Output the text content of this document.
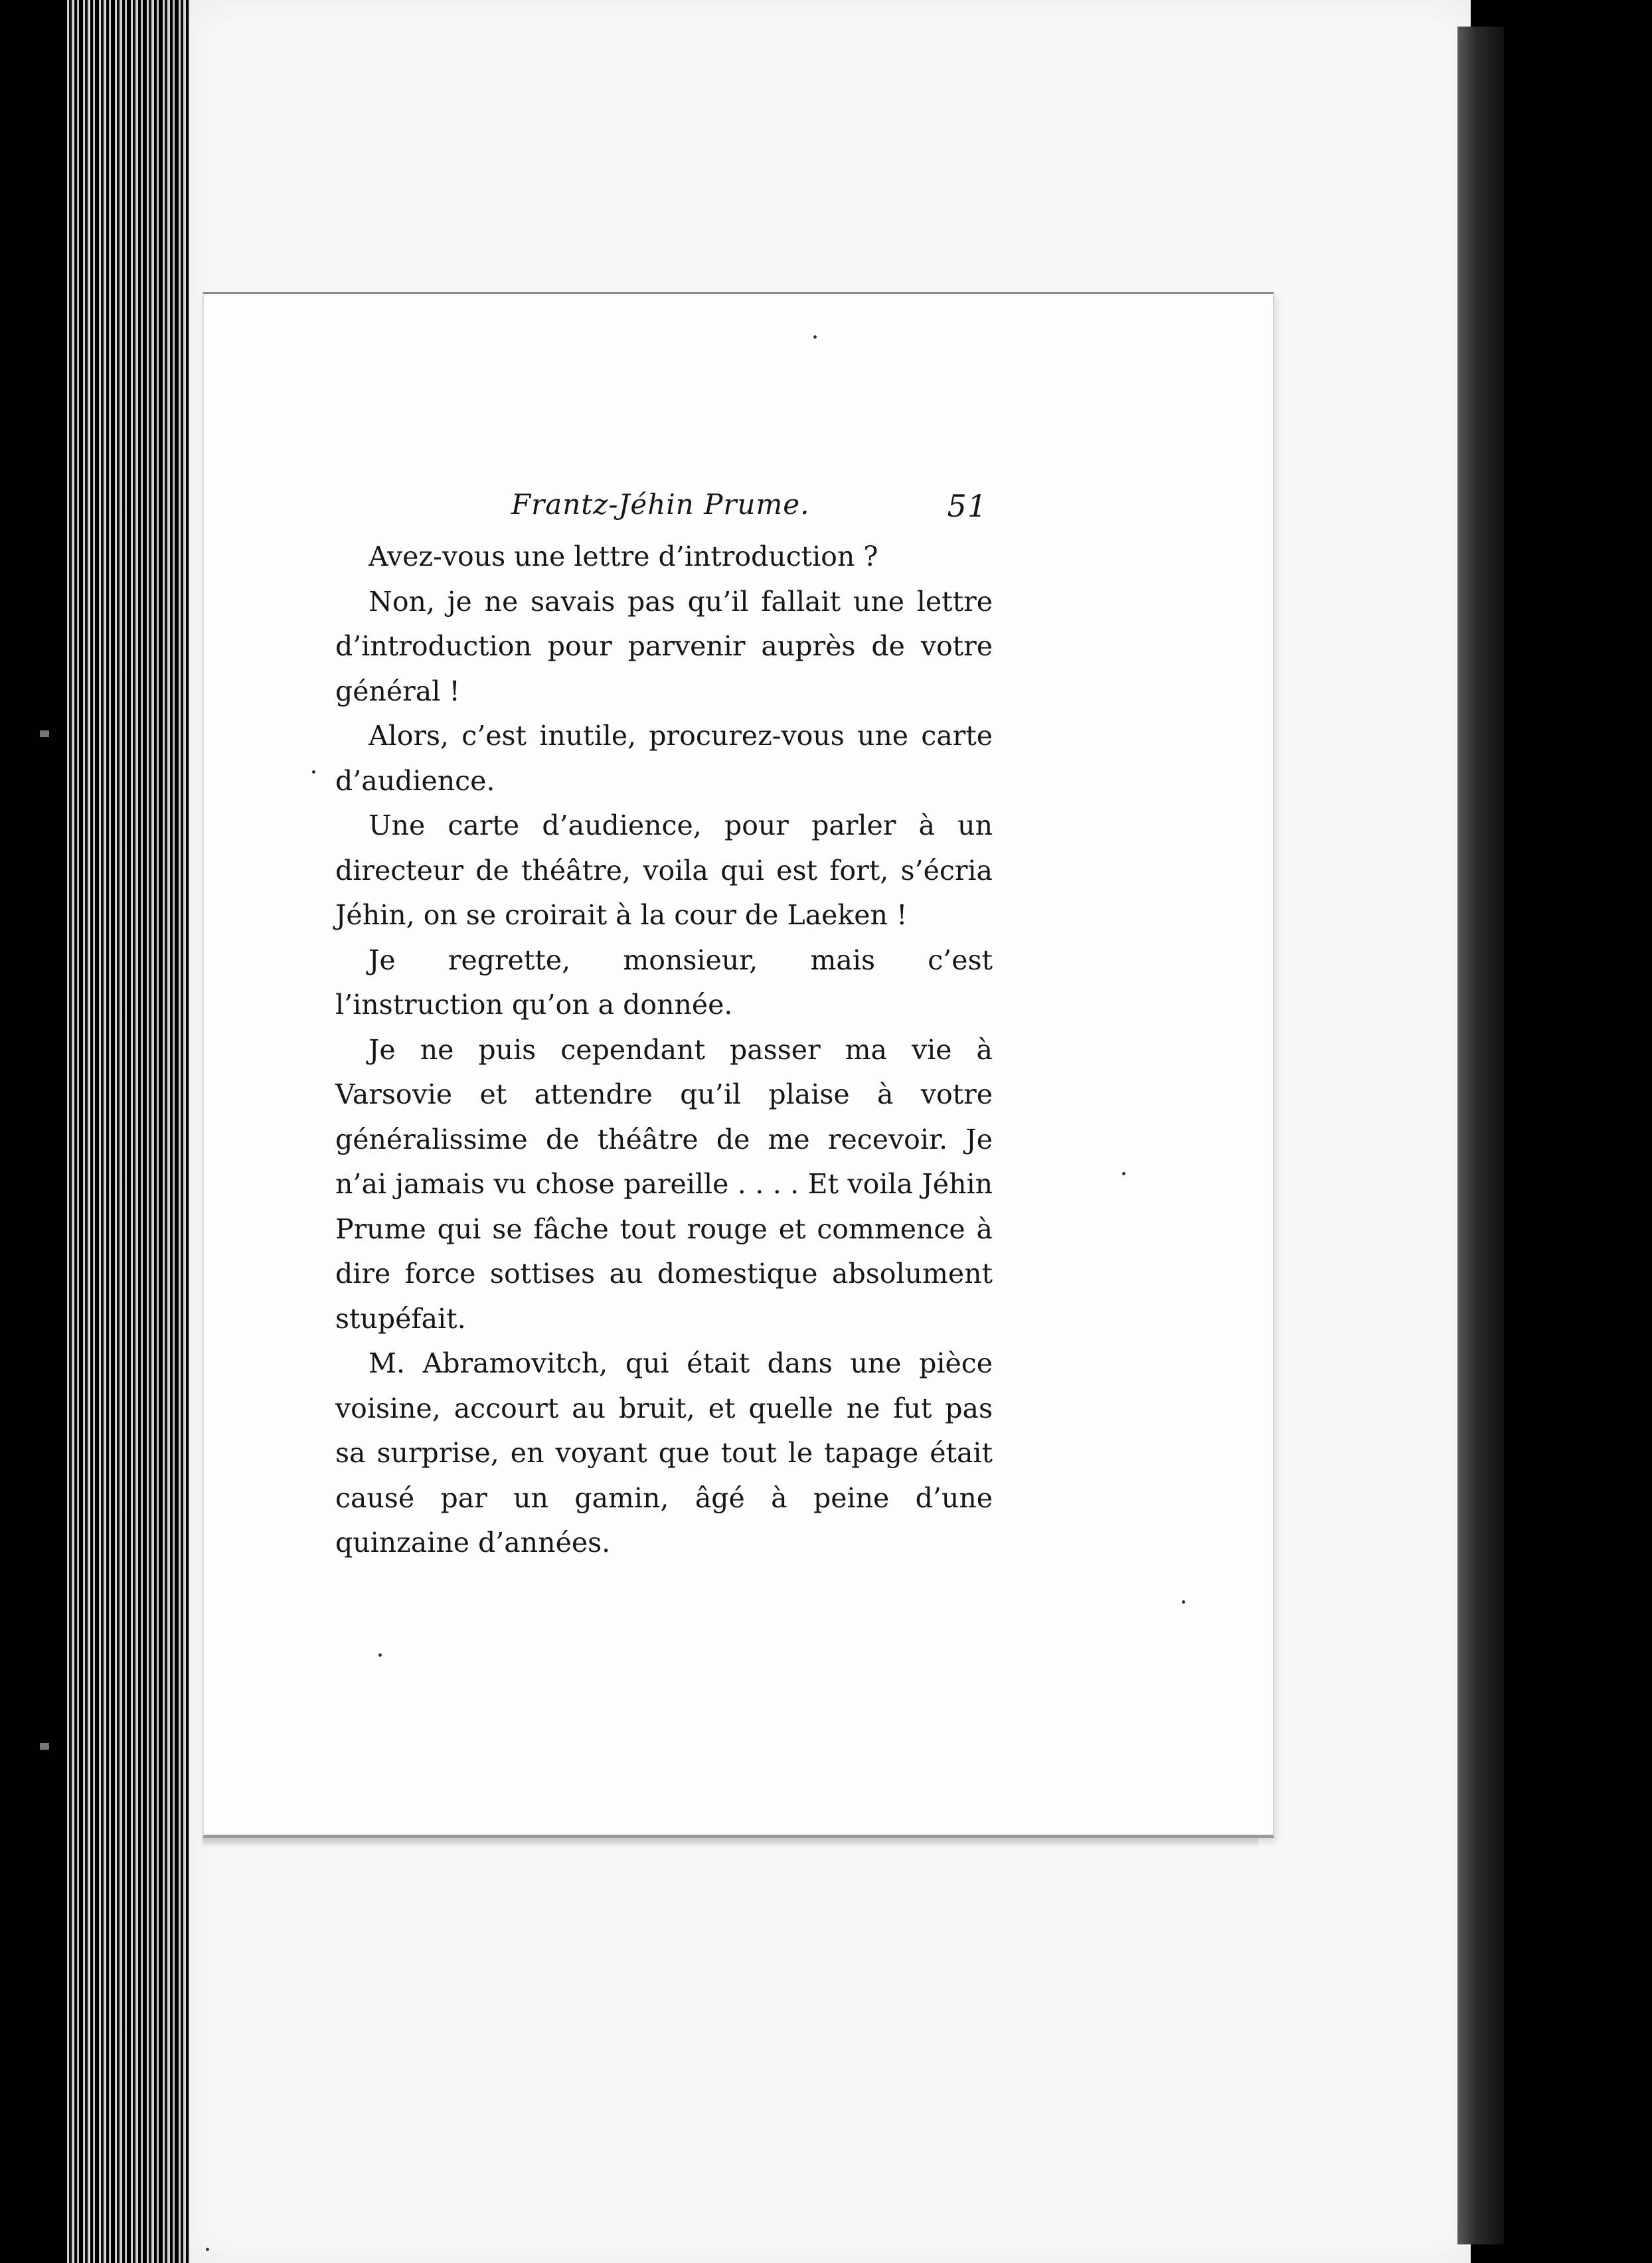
Frantz-Jéhin Prume.	51

Avez-vous une lettre d’introduction ?

Non, je ne savais pas qu’il fallait une lettre d’introduction pour parvenir auprès de votre général !

Alors, c’est inutile, procurez-vous une carte d’audience.

Une carte d’audience, pour parler à un directeur de théâtre, voila qui est fort, s’écria Jéhin, on se croirait à la cour de Laeken !

Je regrette, monsieur, mais c’est l’instruction qu’on a donnée.

Je ne puis cependant passer ma vie à Varsovie et attendre qu’il plaise à votre généralissime de théâtre de me recevoir. Je n’ai jamais vu chose pareille . . . . Et voila Jéhin Prume qui se fâche tout rouge et commence à dire force sottises au domestique absolument stupéfait.

M. Abramovitch, qui était dans une pièce voisine, accourt au bruit, et quelle ne fut pas sa surprise, en voyant que tout le tapage était causé par un gamin, âgé à peine d’une quinzaine d’années.
